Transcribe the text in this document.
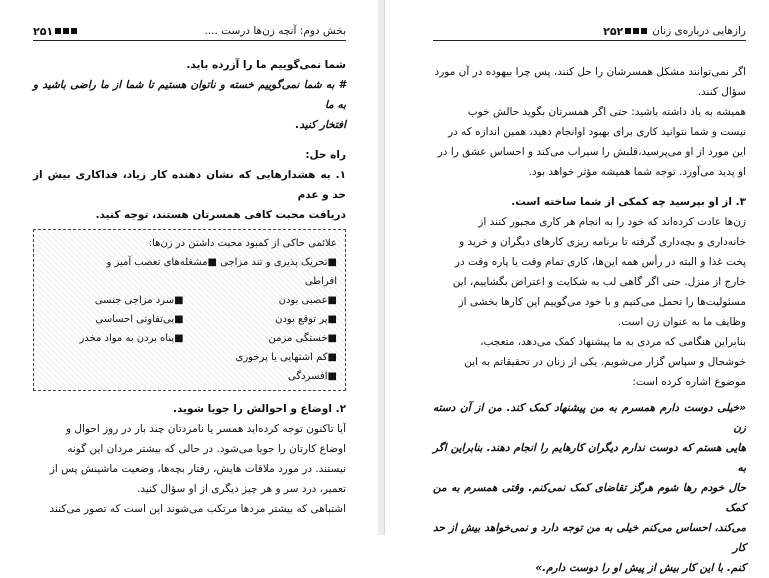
بخش دوم: آنچه زن‌ها درست ....
۲۵۱

شما نمی‌گوییم ما را آزرده باید.

# به شما نمی‌گوییم خسته و ناتوان هستیم تا شما از ما راضی باشید و به ما

افتخار کنید.

راه حل:

۱. به هشدارهایی که نشان دهنده کار زیاد، فداکاری بیش از حد و عدم

دریافت محبت کافی همسرتان هستند، توجه کنید.

علائمی حاکی از کمبود محبت داشتن در زن‌ها:
■تحریک پذیری و تند مزاجی ■مشغله‌های تعصب آمیز و
افراطی
■عصبی بودن
■سرد مزاجی جنسی
■پر توقع بودن
■بی‌تفاوتی احساسی
■خستگی مزمن
■پناه بردن به مواد مخدر
■کم اشتهایی یا پرخوری
■افسردگی

۲. اوضاع و احوالش را جویا شوید.

آیا تاکنون توجه کرده‌اید همسر یا نامزدتان چند بار در روز احوال و

اوضاع کارتان را جویا می‌شود. در حالی که بیشتر مردان این گونه

نیستند. در مورد ملاقات هایش، رفتار بچه‌ها، وضعیت ماشینش پس از

تعمیر، درد سر و هر چیز دیگری از او سؤال کنید.

اشتباهی که بیشتر مردها مرتکب می‌شوند این است که تصور می‌کنند

۲۵۲	رازهایی درباره‌ی زنان

اگر نمی‌توانند مشکل همسرشان را حل کنند، پس چرا بیهوده در آن مورد

سؤال کنند.

همیشه به یاد داشته باشید: حتی اگر همسرتان بگوید حالش خوب

نیست و شما نتوانید کاری برای بهبود اوانجام دهید، همین اندازه که در

این مورد از او می‌پرسید،قلبش را سیراب می‌کند و احساس عشق را در

او پدید می‌آورد. توجه شما همیشه مؤثر خواهد بود.

۳. از او بپرسید چه کمکی از شما ساخته است.

زن‌ها عادت کرده‌اند که خود را به انجام هر کاری مجبور کنند از

خانه‌داری و بچه‌داری گرفته تا برنامه ریزی کارهای دیگران و خرید و

پخت غذا و البته در رأس همه این‌ها، کاری تمام وقت یا پاره وقت در

خارج از منزل. حتی اگر گاهی لب به شکایت و اعتراض بگشاییم، این

مسئولیت‌ها را تحمل می‌کنیم و با خود می‌گوییم این کارها بخشی از

وظایف ما به عنوان زن است.

بنابراین هنگامی که مردی به ما پیشنهاد کمک می‌دهد، متعجب،

خوشحال و سپاس گزار می‌شویم. یکی از زنان در تحقیقاتم به این

موضوع اشاره کرده است:

«خیلی دوست دارم همسرم به من پیشنهاد کمک کند. من از آن دسته زن

هایی هستم که دوست ندارم دیگران کارهایم را انجام دهند. بنابراین اگر به

حال خودم رها شوم هرگز تقاضای کمک نمی‌کنم. وقتی همسرم به من کمک

می‌کند، احساس می‌کنم خیلی به من توجه دارد و نمی‌خواهد بیش از حد کار

کنم. با این کار بیش از پیش او را دوست دارم.»
